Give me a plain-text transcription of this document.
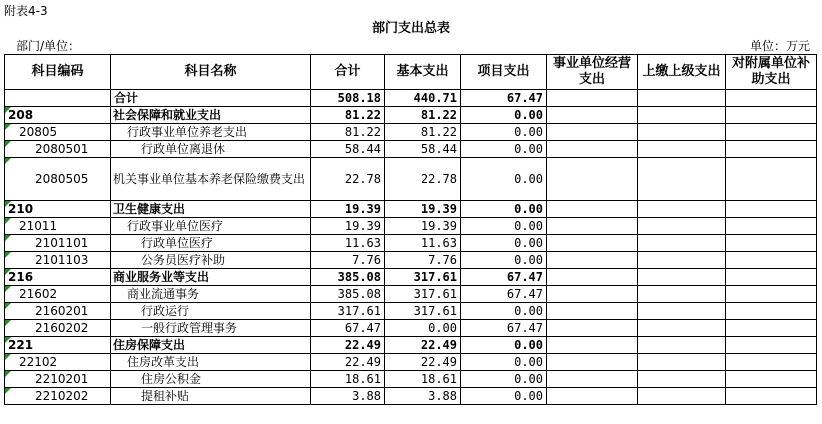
附表4-3
部门支出总表
部门/单位：	单位：万元
科目编码	科目名称	合计	基本支出	项目支出	事业单位经营支出	上缴上级支出	对附属单位补助支出
	合计	508.18	440.71	67.47			

208	社会保障和就业支出	81.22	81.22	0.00			

20805	行政事业单位养老支出	81.22	81.22	0.00			

2080501	行政单位离退休	58.44	58.44	0.00			

2080505	机关事业单位基本养老保险缴费支出	22.78	22.78	0.00			

210	卫生健康支出	19.39	19.39	0.00			

21011	行政事业单位医疗	19.39	19.39	0.00			

2101101	行政单位医疗	11.63	11.63	0.00			

2101103	公务员医疗补助	7.76	7.76	0.00			

216	商业服务业等支出	385.08	317.61	67.47			

21602	商业流通事务	385.08	317.61	67.47			

2160201	行政运行	317.61	317.61	0.00			

2160202	一般行政管理事务	67.47	0.00	67.47			

221	住房保障支出	22.49	22.49	0.00			

22102	住房改革支出	22.49	22.49	0.00			

2210201	住房公积金	18.61	18.61	0.00			

2210202	提租补贴	3.88	3.88	0.00			
